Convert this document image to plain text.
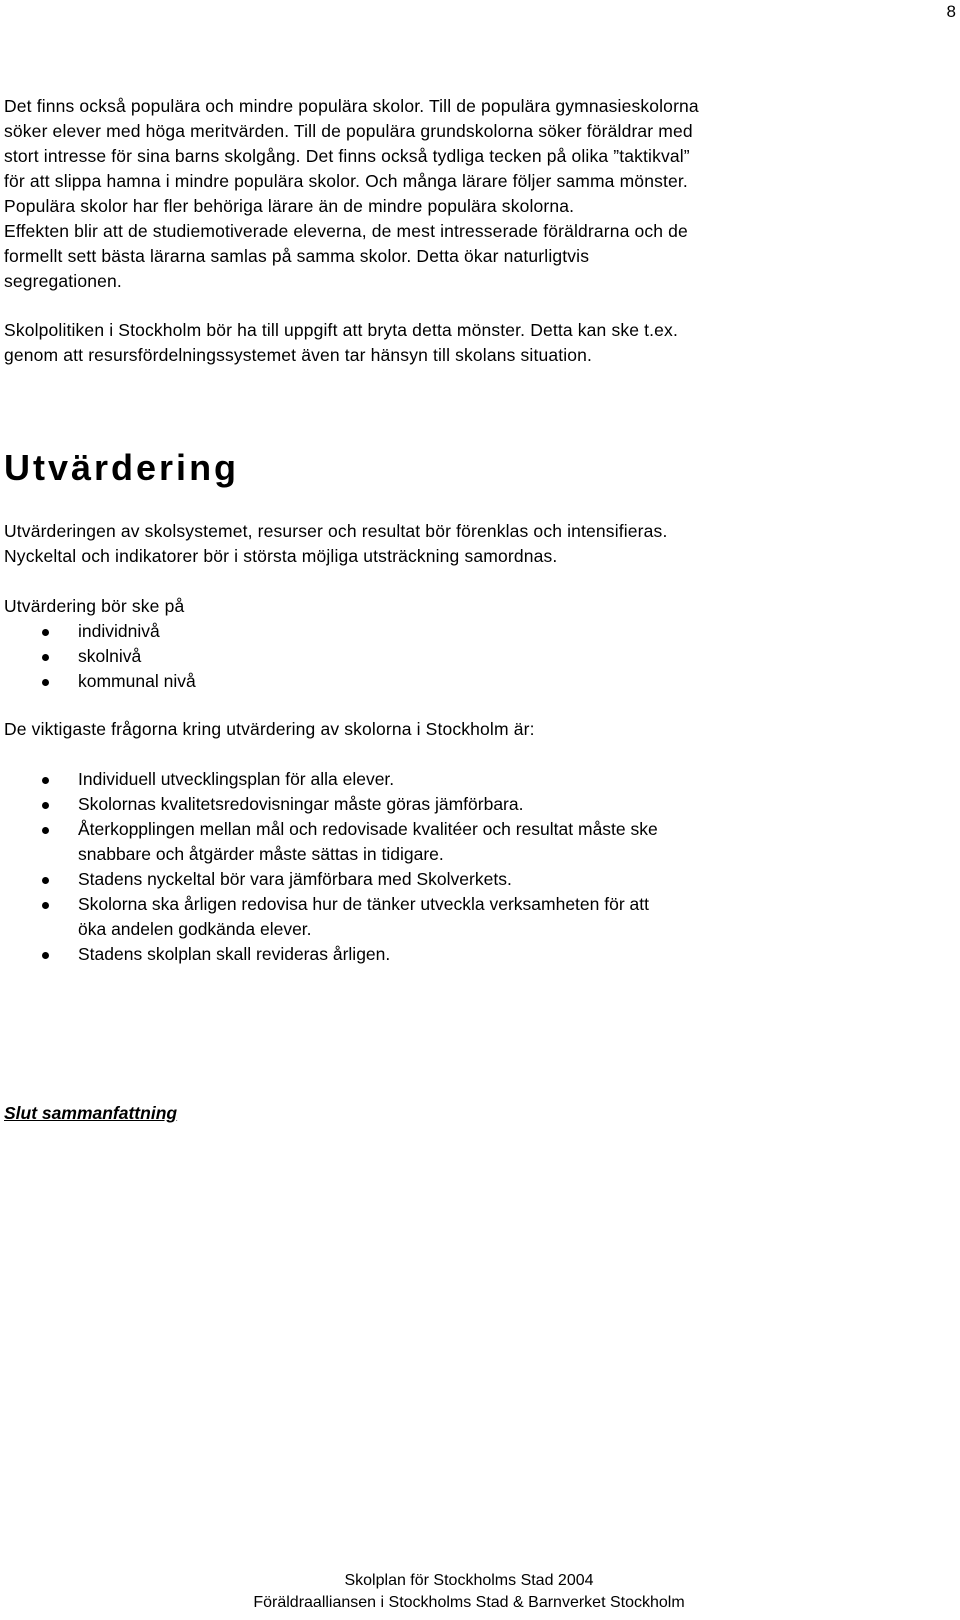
8

Det finns också populära och mindre populära skolor. Till de populära gymnasieskolorna
söker elever med höga meritvärden. Till de populära grundskolorna söker föräldrar med
stort intresse för sina barns skolgång. Det finns också tydliga tecken på olika ”taktikval”
för att slippa hamna i mindre populära skolor. Och många lärare följer samma mönster.
Populära skolor har fler behöriga lärare än de mindre populära skolorna.
Effekten blir att de studiemotiverade eleverna, de mest intresserade föräldrarna och de
formellt sett bästa lärarna samlas på samma skolor. Detta ökar naturligtvis
segregationen.

Skolpolitiken i Stockholm bör ha till uppgift att bryta detta mönster. Detta kan ske t.ex.
genom att resursfördelningssystemet även tar hänsyn till skolans situation.

Utvärdering

Utvärderingen av skolsystemet, resurser och resultat bör förenklas och intensifieras.
Nyckeltal och indikatorer bör i största möjliga utsträckning samordnas.

Utvärdering bör ske på

individnivå
skolnivå
kommunal nivå

De viktigaste frågorna kring utvärdering av skolorna i Stockholm är:

Individuell utvecklingsplan för alla elever.
Skolornas kvalitetsredovisningar måste göras jämförbara.
Återkopplingen mellan mål och redovisade kvalitéer och resultat måste ske
snabbare och åtgärder måste sättas in tidigare.
Stadens nyckeltal bör vara jämförbara med Skolverkets.
Skolorna ska årligen redovisa hur de tänker utveckla verksamheten för att
öka andelen godkända elever.
Stadens skolplan skall revideras årligen.

Slut sammanfattning

Skolplan för Stockholms Stad 2004
Föräldraalliansen i Stockholms Stad & Barnverket Stockholm
